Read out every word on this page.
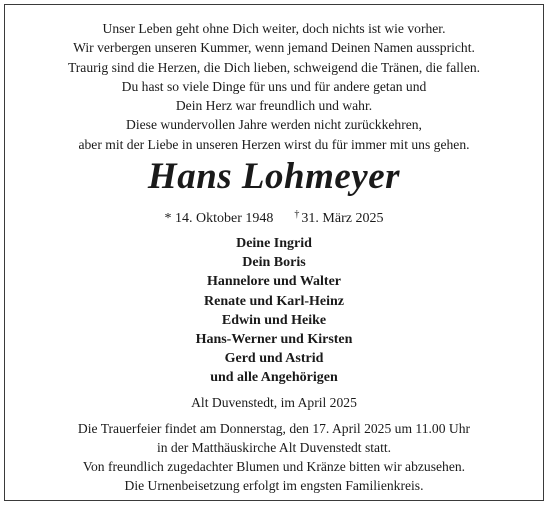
Unser Leben geht ohne Dich weiter, doch nichts ist wie vorher.
Wir verbergen unseren Kummer, wenn jemand Deinen Namen ausspricht.
Traurig sind die Herzen, die Dich lieben, schweigend die Tränen, die fallen.
Du hast so viele Dinge für uns und für andere getan und
Dein Herz war freundlich und wahr.
Diese wundervollen Jahre werden nicht zurückkehren,
aber mit der Liebe in unseren Herzen wirst du für immer mit uns gehen.
Hans Lohmeyer
* 14. Oktober 1948 † 31. März 2025
Deine Ingrid
Dein Boris
Hannelore und Walter
Renate und Karl-Heinz
Edwin und Heike
Hans-Werner und Kirsten
Gerd und Astrid
und alle Angehörigen
Alt Duvenstedt, im April 2025
Die Trauerfeier findet am Donnerstag, den 17. April 2025 um 11.00 Uhr
in der Matthäuskirche Alt Duvenstedt statt.
Von freundlich zugedachter Blumen und Kränze bitten wir abzusehen.
Die Urnenbeisetzung erfolgt im engsten Familienkreis.
